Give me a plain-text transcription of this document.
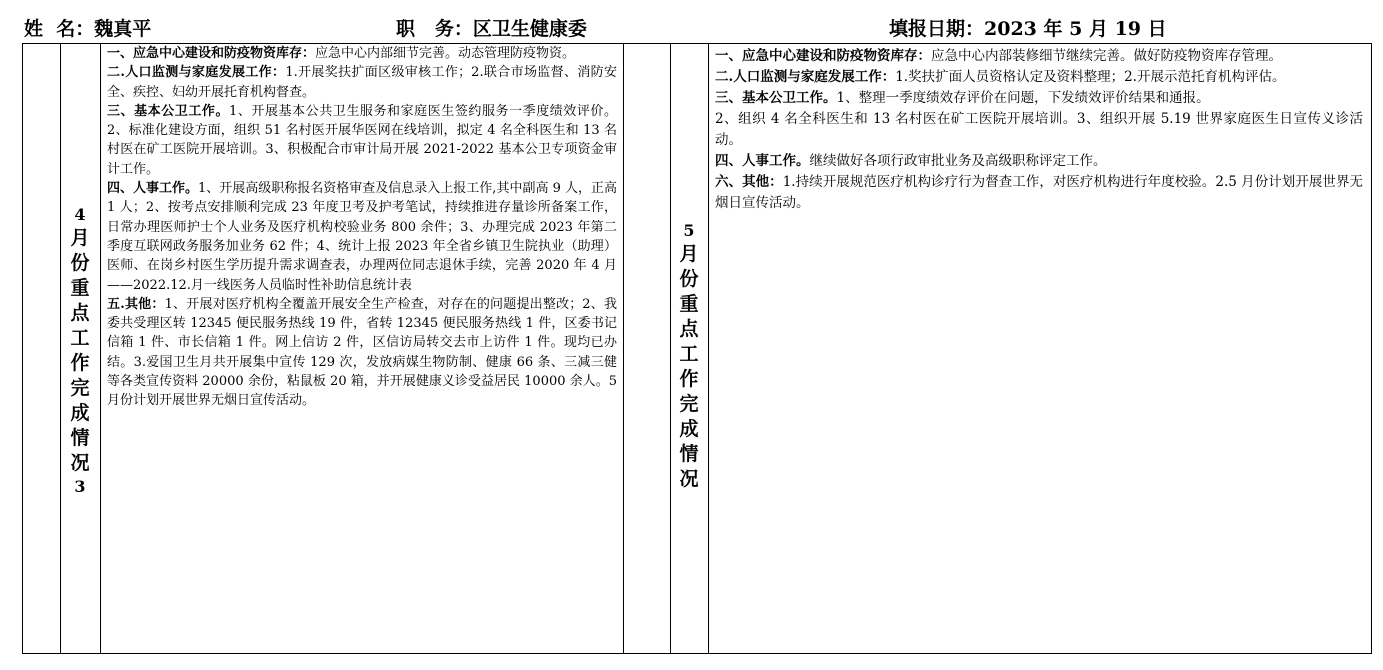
姓  名：魏真平	职   务：区卫生健康委	填报日期：2023 年 5 月 19 日
4
月
份
重
点
工
作
完
成
情
况
3

一、应急中心建设和防疫物资库存：应急中心内部细节完善。动态管理防疫物资。

二.人口监测与家庭发展工作：1.开展奖扶扩面区级审核工作；2.联合市场监督、消防安全、疾控、妇幼开展托育机构督查。

三、基本公卫工作。1、开展基本公共卫生服务和家庭医生签约服务一季度绩效评价。2、标准化建设方面，组织 51 名村医开展华医网在线培训，拟定 4 名全科医生和 13 名村医在矿工医院开展培训。3、积极配合市审计局开展 2021-2022 基本公卫专项资金审计工作。

四、人事工作。1、开展高级职称报名资格审查及信息录入上报工作,其中副高 9 人，正高 1 人；2、按考点安排顺利完成 23 年度卫考及护考笔试，持续推进存量诊所备案工作，日常办理医师护士个人业务及医疗机构校验业务 800 余件；3、办理完成 2023 年第二季度互联网政务服务加业务 62 件；4、统计上报 2023 年全省乡镇卫生院执业（助理）医师、在岗乡村医生学历提升需求调查表，办理两位同志退休手续，完善 2020 年 4 月——2022.12.月一线医务人员临时性补助信息统计表

五.其他：1、开展对医疗机构全覆盖开展安全生产检查，对存在的问题提出整改；2、我委共受理区转 12345 便民服务热线 19 件，省转 12345 便民服务热线 1 件，区委书记信箱 1 件、市长信箱 1 件。网上信访 2 件，区信访局转交去市上访件 1 件。现均已办结。3.爱国卫生月共开展集中宣传 129 次，发放病媒生物防制、健康 66 条、三减三健等各类宣传资料 20000 余份，粘鼠板 20 箱，并开展健康义诊受益居民 10000 余人。5 月份计划开展世界无烟日宣传活动。

5
月
份
重
点
工
作
完
成
情
况

一、应急中心建设和防疫物资库存：应急中心内部装修细节继续完善。做好防疫物资库存管理。

二.人口监测与家庭发展工作：1.奖扶扩面人员资格认定及资料整理；2.开展示范托育机构评估。

三、基本公卫工作。1、整理一季度绩效存评价在问题，下发绩效评价结果和通报。

2、组织 4 名全科医生和 13 名村医在矿工医院开展培训。3、组织开展 5.19 世界家庭医生日宣传义诊活动。

四、人事工作。继续做好各项行政审批业务及高级职称评定工作。

六、其他：1.持续开展规范医疗机构诊疗行为督查工作，对医疗机构进行年度校验。2.5 月份计划开展世界无烟日宣传活动。
